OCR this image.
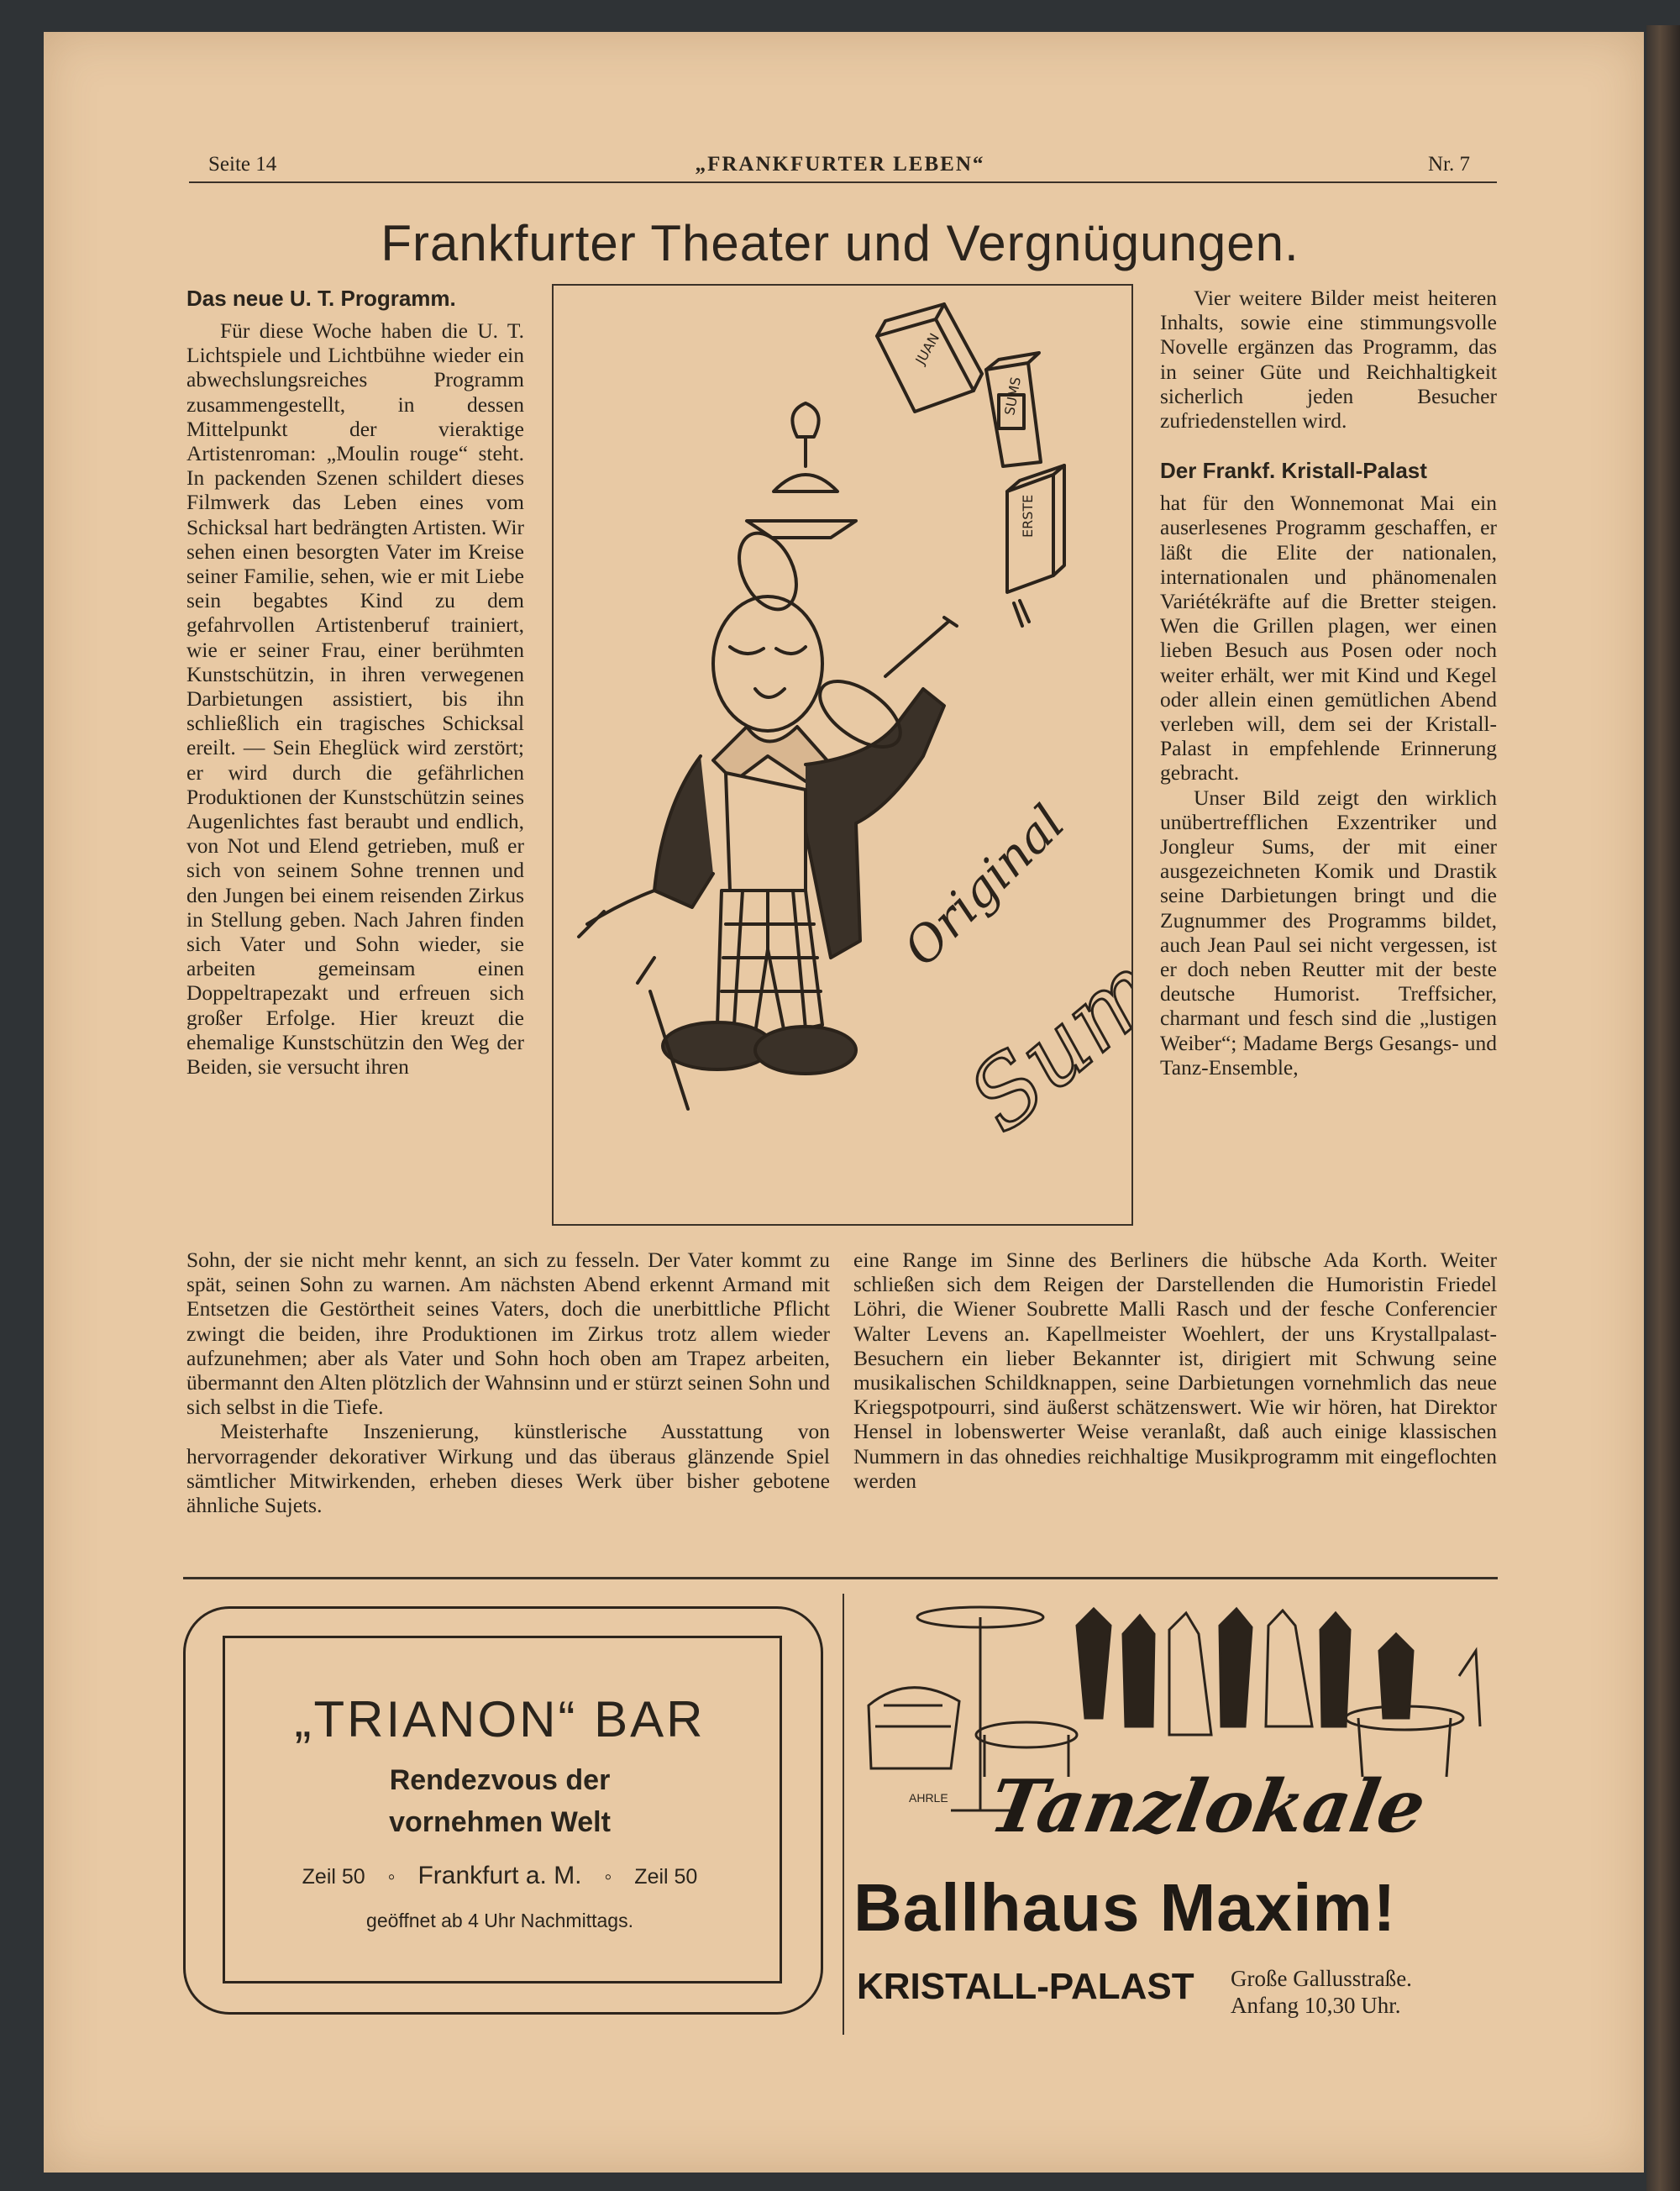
Seite 14	„FRANKFURTER LEBEN“	Nr. 7
Frankfurter Theater und Vergnügungen.
Das neue U. T. Programm.

Für diese Woche haben die U. T. Lichtspiele und Lichtbühne wieder ein abwechslungsreiches Programm zusammengestellt, in dessen Mittelpunkt der vieraktige Artistenroman: „Moulin rouge“ steht. In packenden Szenen schildert dieses Filmwerk das Leben eines vom Schicksal hart bedrängten Artisten. Wir sehen einen besorgten Vater im Kreise seiner Familie, sehen, wie er mit Liebe sein begabtes Kind zu dem gefahrvollen Artistenberuf trainiert, wie er seiner Frau, einer berühmten Kunstschützin, in ihren verwegenen Darbietungen assistiert, bis ihn schließlich ein tragisches Schicksal ereilt. — Sein Eheglück wird zerstört; er wird durch die gefährlichen Produktionen der Kunstschützin seines Augenlichtes fast beraubt und endlich, von Not und Elend getrieben, muß er sich von seinem Sohne trennen und den Jungen bei einem reisenden Zirkus in Stellung geben. Nach Jahren finden sich Vater und Sohn wieder, sie arbeiten gemeinsam einen Doppeltrapezakt und erfreuen sich großer Erfolge. Hier kreuzt die ehemalige Kunstschützin den Weg der Beiden, sie versucht ihren

Original
Sums
JUAN
SUMS
ERSTE

Vier weitere Bilder meist heiteren Inhalts, sowie eine stimmungsvolle Novelle ergänzen das Programm, das in seiner Güte und Reichhaltigkeit sicherlich jeden Besucher zufriedenstellen wird.

Der Frankf. Kristall-Palast

hat für den Wonnemonat Mai ein auserlesenes Programm geschaffen, er läßt die Elite der nationalen, internationalen und phänomenalen Variétékräfte auf die Bretter steigen. Wen die Grillen plagen, wer einen lieben Besuch aus Posen oder noch weiter erhält, wer mit Kind und Kegel oder allein einen gemütlichen Abend verleben will, dem sei der Kristall-Palast in empfehlende Erinnerung gebracht.

Unser Bild zeigt den wirklich unübertrefflichen Exzentriker und Jongleur Sums, der mit einer ausgezeichneten Komik und Drastik seine Darbietungen bringt und die Zugnummer des Programms bildet, auch Jean Paul sei nicht vergessen, ist er doch neben Reutter mit der beste deutsche Humorist. Treffsicher, charmant und fesch sind die „lustigen Weiber“; Madame Bergs Gesangs- und Tanz-Ensemble,

Sohn, der sie nicht mehr kennt, an sich zu fesseln. Der Vater kommt zu spät, seinen Sohn zu warnen. Am nächsten Abend erkennt Armand mit Entsetzen die Gestörtheit seines Vaters, doch die unerbittliche Pflicht zwingt die beiden, ihre Produktionen im Zirkus trotz allem wieder aufzunehmen; aber als Vater und Sohn hoch oben am Trapez arbeiten, übermannt den Alten plötzlich der Wahnsinn und er stürzt seinen Sohn und sich selbst in die Tiefe.

Meisterhafte Inszenierung, künstlerische Ausstattung von hervorragender dekorativer Wirkung und das überaus glänzende Spiel sämtlicher Mitwirkenden, erheben dieses Werk über bisher gebotene ähnliche Sujets.

eine Range im Sinne des Berliners die hübsche Ada Korth. Weiter schließen sich dem Reigen der Darstellenden die Humoristin Friedel Löhri, die Wiener Soubrette Malli Rasch und der fesche Conferencier Walter Levens an. Kapellmeister Woehlert, der uns Krystallpalast-Besuchern ein lieber Bekannter ist, dirigiert mit Schwung seine musikalischen Schildknappen, seine Darbietungen vornehmlich das neue Kriegspotpourri, sind äußerst schätzenswert. Wie wir hören, hat Direktor Hensel in lobenswerter Weise veranlaßt, daß auch einige klassischen Nummern in das ohnedies reichhaltige Musikprogramm mit eingeflochten werden

„TRIANON“ BAR
Rendezvous der
vornehmen Welt
Zeil 50 ◦ Frankfurt a. M. ◦ Zeil 50
geöffnet ab 4 Uhr Nachmittags.
AHRLE Tanzlokale
Ballhaus Maxim!
KRISTALL-PALAST Große Gallusstraße.
Anfang 10,30 Uhr.
